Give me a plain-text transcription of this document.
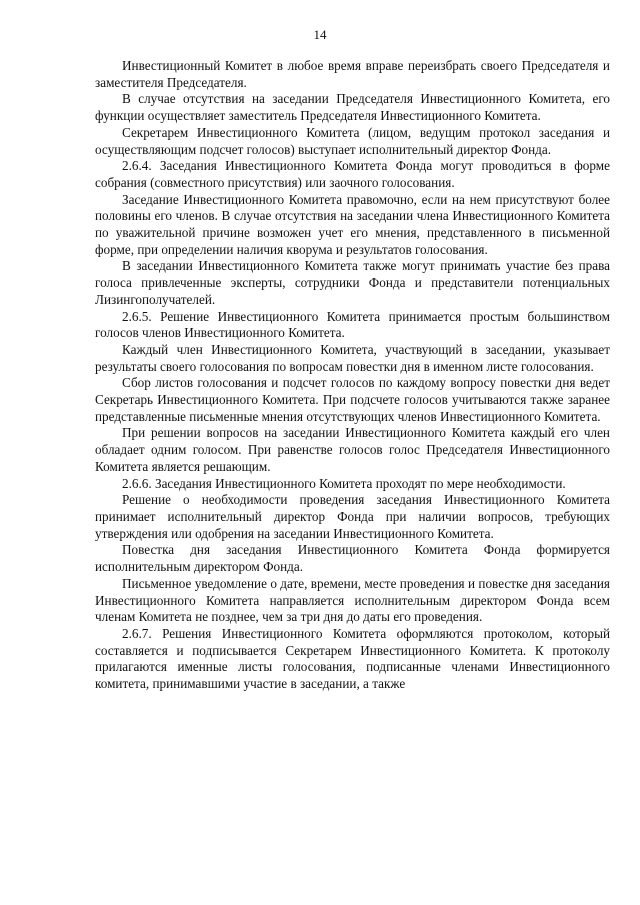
14

Инвестиционный Комитет в любое время вправе переизбрать своего Председателя и заместителя Председателя.

В случае отсутствия на заседании Председателя Инвестиционного Комитета, его функции осуществляет заместитель Председателя Инвестиционного Комитета.

Секретарем Инвестиционного Комитета (лицом, ведущим протокол заседания и осуществляющим подсчет голосов) выступает исполнительный директор Фонда.

2.6.4. Заседания Инвестиционного Комитета Фонда могут проводиться в форме собрания (совместного присутствия) или заочного голосования.

Заседание Инвестиционного Комитета правомочно, если на нем присутствуют более половины его членов. В случае отсутствия на заседании члена Инвестиционного Комитета по уважительной причине возможен учет его мнения, представленного в письменной форме, при определении наличия кворума и результатов голосования.

В заседании Инвестиционного Комитета также могут принимать участие без права голоса привлеченные эксперты, сотрудники Фонда и представители потенциальных Лизингополучателей.

2.6.5. Решение Инвестиционного Комитета принимается простым большинством голосов членов Инвестиционного Комитета.

Каждый член Инвестиционного Комитета, участвующий в заседании, указывает результаты своего голосования по вопросам повестки дня в именном листе голосования.

Сбор листов голосования и подсчет голосов по каждому вопросу повестки дня ведет Секретарь Инвестиционного Комитета. При подсчете голосов учитываются также заранее представленные письменные мнения отсутствующих членов Инвестиционного Комитета.

При решении вопросов на заседании Инвестиционного Комитета каждый его член обладает одним голосом. При равенстве голосов голос Председателя Инвестиционного Комитета является решающим.

2.6.6. Заседания Инвестиционного Комитета проходят по мере необходимости.

Решение о необходимости проведения заседания Инвестиционного Комитета принимает исполнительный директор Фонда при наличии вопросов, требующих утверждения или одобрения на заседании Инвестиционного Комитета.

Повестка дня заседания Инвестиционного Комитета Фонда формируется исполнительным директором Фонда.

Письменное уведомление о дате, времени, месте проведения и повестке дня заседания Инвестиционного Комитета направляется исполнительным директором Фонда всем членам Комитета не позднее, чем за три дня до даты его проведения.

2.6.7. Решения Инвестиционного Комитета оформляются протоколом, который составляется и подписывается Секретарем Инвестиционного Комитета. К протоколу прилагаются именные листы голосования, подписанные членами Инвестиционного комитета, принимавшими участие в заседании, а также
